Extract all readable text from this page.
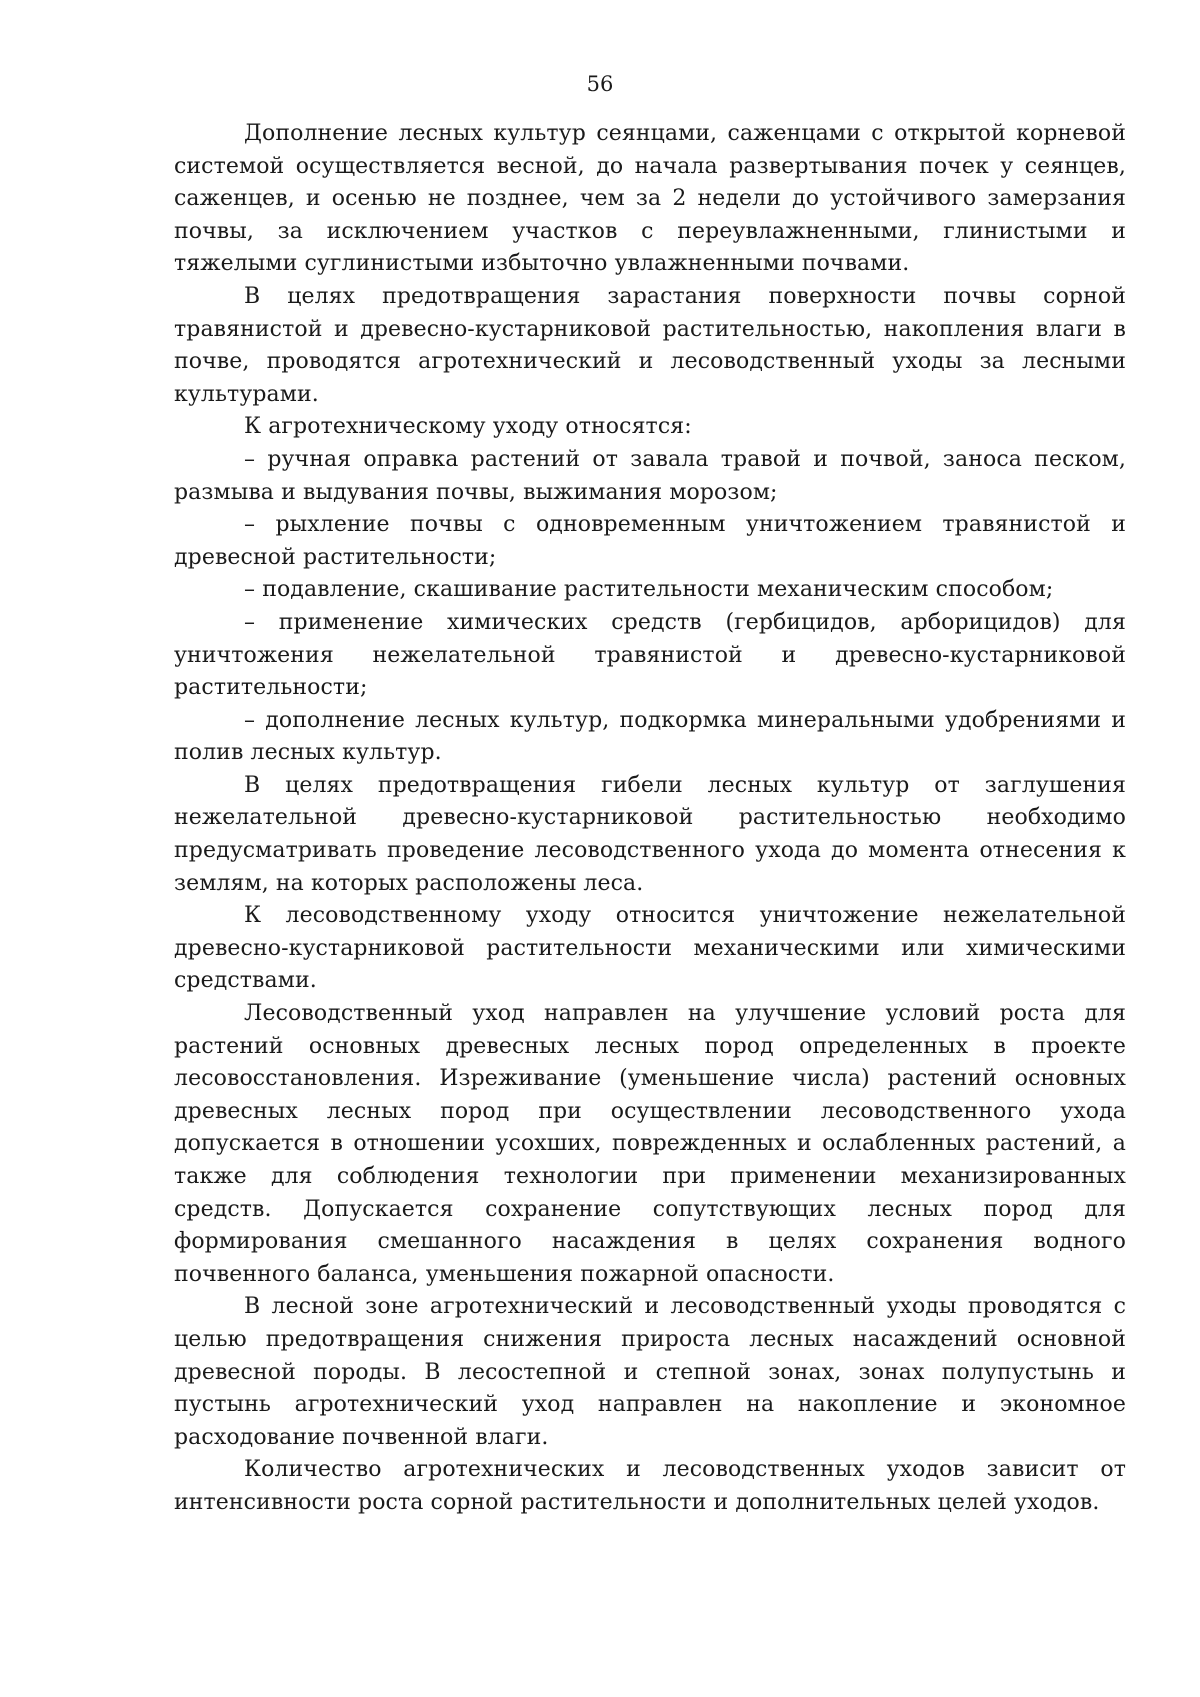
56

Дополнение лесных культур сеянцами, саженцами с открытой корневой системой осуществляется весной, до начала развертывания почек у сеянцев, саженцев, и осенью не позднее, чем за 2 недели до устойчивого замерзания почвы, за исключением участков с переувлажненными, глинистыми и тяжелыми суглинистыми избыточно увлажненными почвами.

В целях предотвращения зарастания поверхности почвы сорной травянистой и древесно-кустарниковой растительностью, накопления влаги в почве, проводятся агротехнический и лесоводственный уходы за лесными культурами.

К агротехническому уходу относятся:

– ручная оправка растений от завала травой и почвой, заноса песком, размыва и выдувания почвы, выжимания морозом;

– рыхление почвы с одновременным уничтожением травянистой и древесной растительности;

– подавление, скашивание растительности механическим способом;

– применение химических средств (гербицидов, арборицидов) для уничтожения нежелательной травянистой и древесно-кустарниковой растительности;

– дополнение лесных культур, подкормка минеральными удобрениями и полив лесных культур.

В целях предотвращения гибели лесных культур от заглушения нежелательной древесно-кустарниковой растительностью необходимо предусматривать проведение лесоводственного ухода до момента отнесения к землям, на которых расположены леса.

К лесоводственному уходу относится уничтожение нежелательной древесно-кустарниковой растительности механическими или химическими средствами.

Лесоводственный уход направлен на улучшение условий роста для растений основных древесных лесных пород определенных в проекте лесовосстановления. Изреживание (уменьшение числа) растений основных древесных лесных пород при осуществлении лесоводственного ухода допускается в отношении усохших, поврежденных и ослабленных растений, а также для соблюдения технологии при применении механизированных средств. Допускается сохранение сопутствующих лесных пород для формирования смешанного насаждения в целях сохранения водного почвенного баланса, уменьшения пожарной опасности.

В лесной зоне агротехнический и лесоводственный уходы проводятся с целью предотвращения снижения прироста лесных насаждений основной древесной породы. В лесостепной и степной зонах, зонах полупустынь и пустынь агротехнический уход направлен на накопление и экономное расходование почвенной влаги.

Количество агротехнических и лесоводственных уходов зависит от интенсивности роста сорной растительности и дополнительных целей уходов.
